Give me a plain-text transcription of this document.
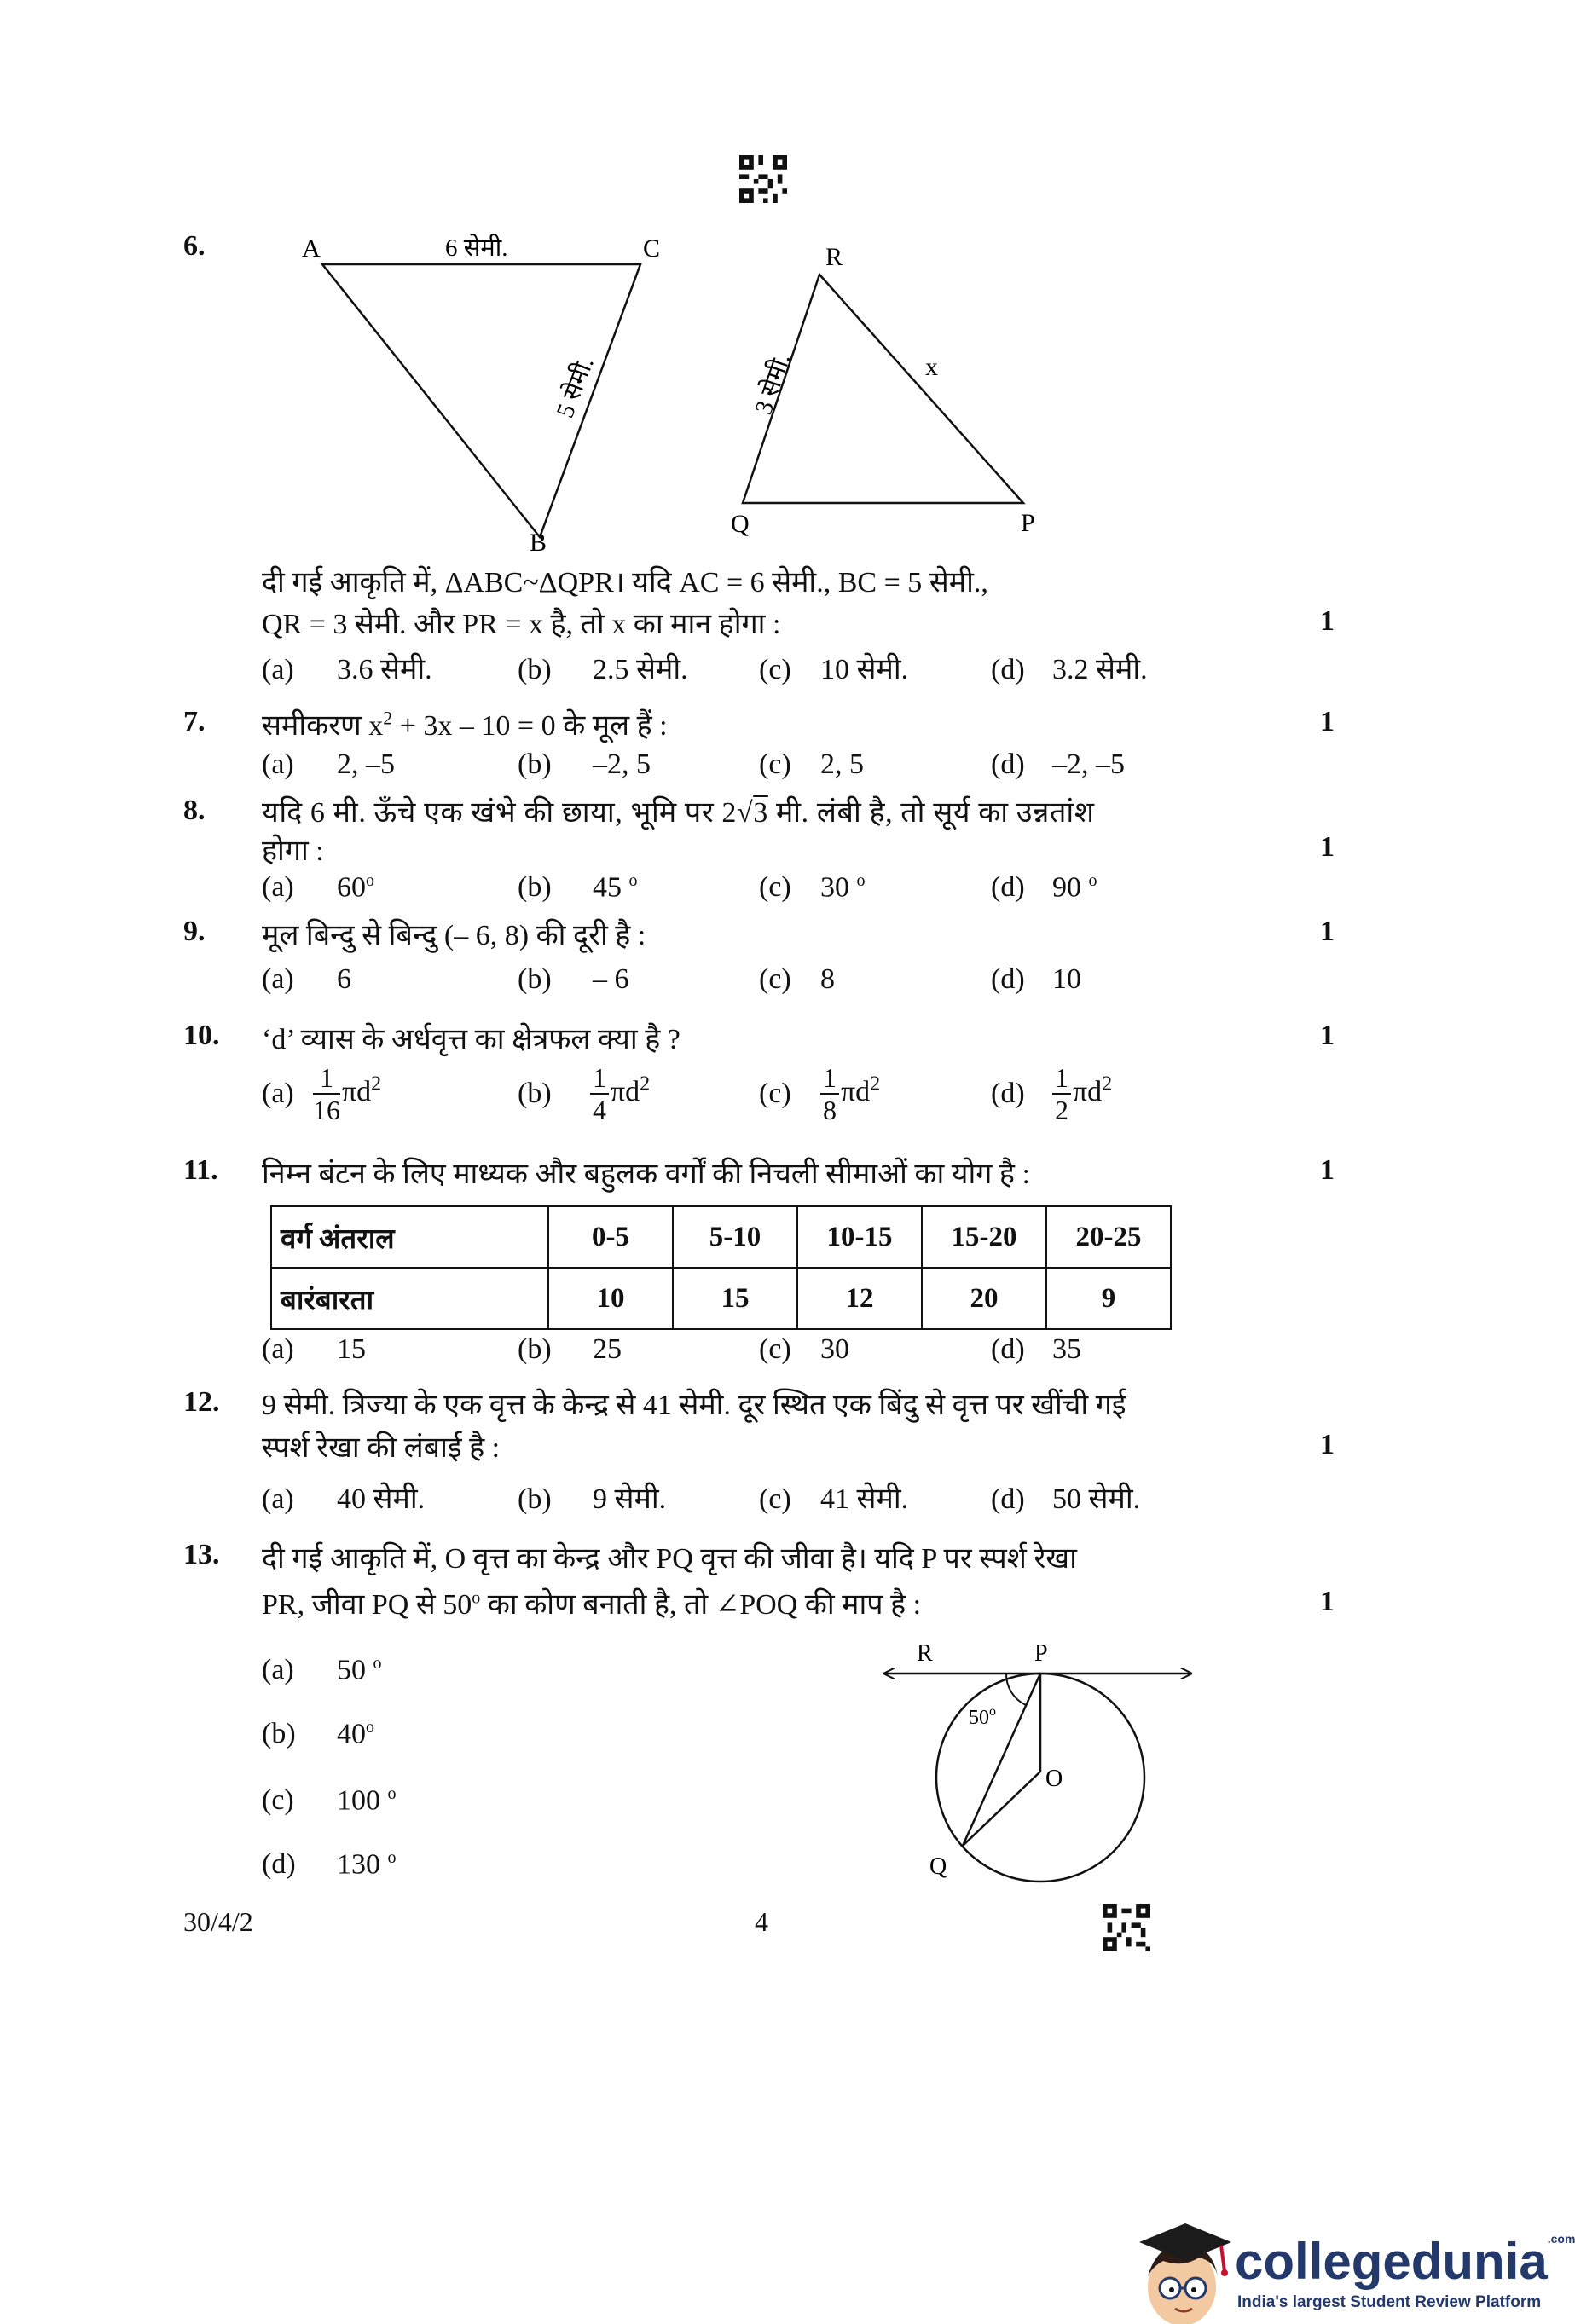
6.	A	C
B
6 सेमी.
5 सेमी.
R
Q	P
3 सेमी.	x
दी गई आकृति में, ΔABC~ΔQPR। यदि AC = 6 सेमी., BC = 5 सेमी.,
QR = 3 सेमी. और PR = x है, तो x का मान होगा :	1
(a) 3.6 सेमी.	(b) 2.5 सेमी. (c) 10 सेमी.	(d) 3.2 सेमी.
7. समीकरण $x^2 + 3x - 10 = 0$ के मूल हैं :	1
(a) 2, –5	(b) –2, 5	(c) 2, 5	(d) –2, –5
8. यदि 6 मी. ऊँचे एक खंभे की छाया, भूमि पर 2√3 मी. लंबी है, तो सूर्य का उन्नतांश
होगा :	1
(a) 60$^o$	(b) 45 $^o$	(c) 30 $^o$	(d) 90 $^o$
9. मूल बिन्दु से बिन्दु (– 6, 8) की दूरी है :	1
(a) 6	(b) – 6	(c) 8	(d) 10
10. ‘d’ व्यास के अर्धवृत्त का क्षेत्रफल क्या है ?	1
$(a) \frac{1}{16} \pi d^2$	$(b) \frac{1}{4} \pi d^2$	$(c) \frac{1}{8} \pi d^2$	$(d) \frac{1}{2} \pi d^2$
11. निम्न बंटन के लिए माध्यक और बहुलक वर्गों की निचली सीमाओं का योग है :	1
वर्ग अंतराल	0-5	5-10	10-15	15-20	20-25
बारंबारता	10	15	12	20	9
(a) 15	(b) 25	(c) 30	(d) 35
12. 9 सेमी. त्रिज्या के एक वृत्त के केन्द्र से 41 सेमी. दूर स्थित एक बिंदु से वृत्त पर खींची गई
स्पर्श रेखा की लंबाई है :	1
(a) 40 सेमी.	(b) 9 सेमी.	(c) 41 सेमी.	(d) 50 सेमी.
13. दी गई आकृति में, O वृत्त का केन्द्र और PQ वृत्त की जीवा है। यदि P पर स्पर्श रेखा
PR, जीवा PQ से 50$^o$ का कोण बनाती है, तो ∠POQ की माप है :	1
(a) 50 $^o$
(b) 40$^o$
(c) 100 $^o$
(d) 130 $^o$
R	P
O
Q
50$^o$
30/4/2	4
collegedunia$^{.com}$
India's largest Student Review Platform
